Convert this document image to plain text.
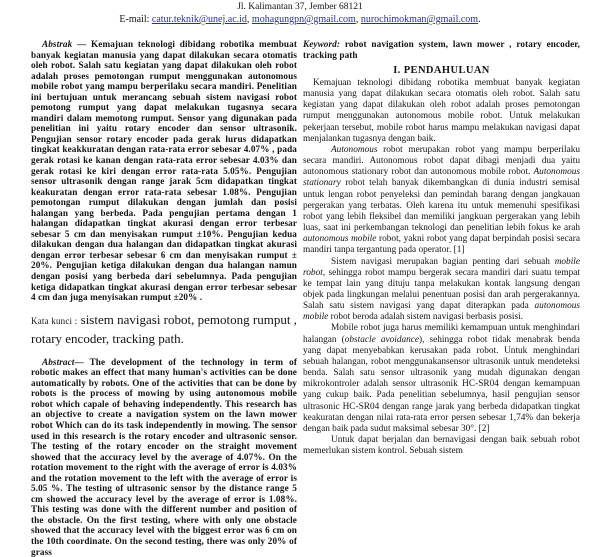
Jl. Kalimantan 37, Jember 68121

E-mail: catur.teknik@unej.ac.id, mohagungpn@gmail.com, nurochimokman@gmail.com.

Abstrak — Kemajuan teknologi dibidang robotika membuat banyak kegiatan manusia yang dapat dilakukan secara otomatis oleh robot. Salah satu kegiatan yang dapat dilakukan oleh robot adalah proses pemotongan rumput menggunakan autonomous mobile robot yang mampu berperilaku secara mandiri. Penelitian ini bertujuan untuk merancang sebuah sistem navigasi robot pemotong rumput yang dapat melakukan tugasnya secara mandiri dalam memotong rumput. Sensor yang digunakan pada penelitian ini yaitu rotary encoder dan sensor ultrasonik. Pengujian sensor rotary encoder pada gerak lurus didapatkan tingkat keakkuratan dengan rata-rata error sebesar 4.07% , pada gerak rotasi ke kanan dengan rata-rata error sebesar 4.03% dan gerak rotasi ke kiri dengan error rata-rata 5.05%. Pengujian sensor ultrasonik dengan range jarak 5cm didapatkan tingkat keakuratan dengan error rata-rata sebesar 1.08%. Pengujian pemotongan rumput dilakukan dengan jumlah dan posisi halangan yang berbeda. Pada pengujian pertama dengan 1 halangan didapatkan tingkat akurasi dengan error terbesar sebesar 5 cm dan menyisakan rumput ±10%. Pengujian kedua dilakukan dengan dua halangan dan didapatkan tingkat akurasi dengan error terbesar sebesar 6 cm dan menyisakan rumput ± 20%. Pengujian ketiga dilakukan dengan dua halangan namun dengan posisi yang berbeda dari sebelumnya. Pada pengujian ketiga didapatkan tingkat akurasi dengan error terbesar sebesar 4 cm dan juga menyisakan rumput ±20% .

Kata kunci : sistem navigasi robot, pemotong rumput , rotary encoder, tracking path.

Abstract— The development of the technology in term of robotic makes an effect that many human's activities can be done automatically by robots. One of the activities that can be done by robots is the process of mowing by using autonomous mobile robot which capale of behaving independently. This research has an objective to create a navigation system on the lawn mower robot Which can do its task independently in mowing. The sensor used in this research is the rotary encoder and ultrasonic sensor. The testing of the rotary encoder on the straight movement showed that the accuracy level by the average of 4.07%. On the rotation movement to the right with the average of error is 4.03% and the rotation movement to the left with the average of error is 5.05 %. The testing of ultrasonic sensor by the distance range 5 cm showed the accuracy level by the average of error is 1.08%. This testing was done with the different number and position of the obstacle. On the first testing, where with only one obstacle showed that the accuracy level with the biggest error was 6 cm on the 10th coordinate. On the second testing, there was only 20% of grass

Keyword: robot navigation system, lawn mower , rotary encoder, tracking path

I. PENDAHULUAN

Kemajuan teknologi dibidang robotika membuat banyak kegiatan manusia yang dapat dilakukan secara otomatis oleh robot. Salah satu kegiatan yang dapat dilakukan oleh robot adalah proses pemotongan rumput menggunakan autonomous mobile robot. Untuk melakukan pekerjaan tersebut, mobile robot harus mampu melakukan navigasi dapat menjalankan tugasnya dengan baik.

Autonomous robot merupakan robot yang mampu berperilaku secara mandiri. Autonomous robot dapat dibagi menjadi dua yaitu autonomous stationary robot dan autonomous mobile robot. Autonomous stationary robot telah banyak dikembangkan di dunia industri semisal untuk lengan robot penyeleksi dan pemindah barang dengan jangkauan pergerakan yang terbatas. Oleh karena itu untuk memenuhi spesifikasi robot yang lebih fleksibel dan memiliki jangkuan pergerakan yang lebih luas, saat ini perkembangan teknologi dan penelitian lebih fokus ke arah autonomous mobile robot, yakni robot yang dapat berpindah posisi secara mandiri tanpa tergantung pada operator. [1]

Sistem navigasi merupakan bagian penting dari sebuah mobile robot, sehingga robot mampu bergerak secara mandiri dari suatu tempat ke tempat lain yang dituju tanpa melakukan kontak langsung dengan objek pada lingkungan melalui penentuan posisi dan arah pergerakannya. Salah satu sistem navigasi yang dapat diterapkan pada autonomous mobile robot beroda adalah sistem navigasi berbasis posisi.

Mobile robot juga harus memiliki kemampuan untuk menghindari halangan (obstacle avoidance), sehingga robot tidak menabrak benda yang dapat menyebabkan kerusakan pada robot. Untuk menghindari sebuah halangan, robot menggunakansensor ultrasonik untuk mendeteksi benda. Salah satu sensor ultrasonik yang mudah digunakan dengan mikrokontroler adalah sensor ultrasonik HC-SR04 dengan kemampuan yang cukup baik. Pada penelitian sebelumnya, hasil pengujian sensor ultrasonic HC-SR04 dengan range jarak yang berbeda didapatkan tingkat keakuratan dengan nilai rata-rata error persen sebesar 1,74% dan bekerja dengan baik pada sudut maksimal sebesar 30°. [2]

Untuk dapat berjalan dan bernavigasi dengan baik sebuah robot memerlukan sistem kontrol. Sebuah sistem
